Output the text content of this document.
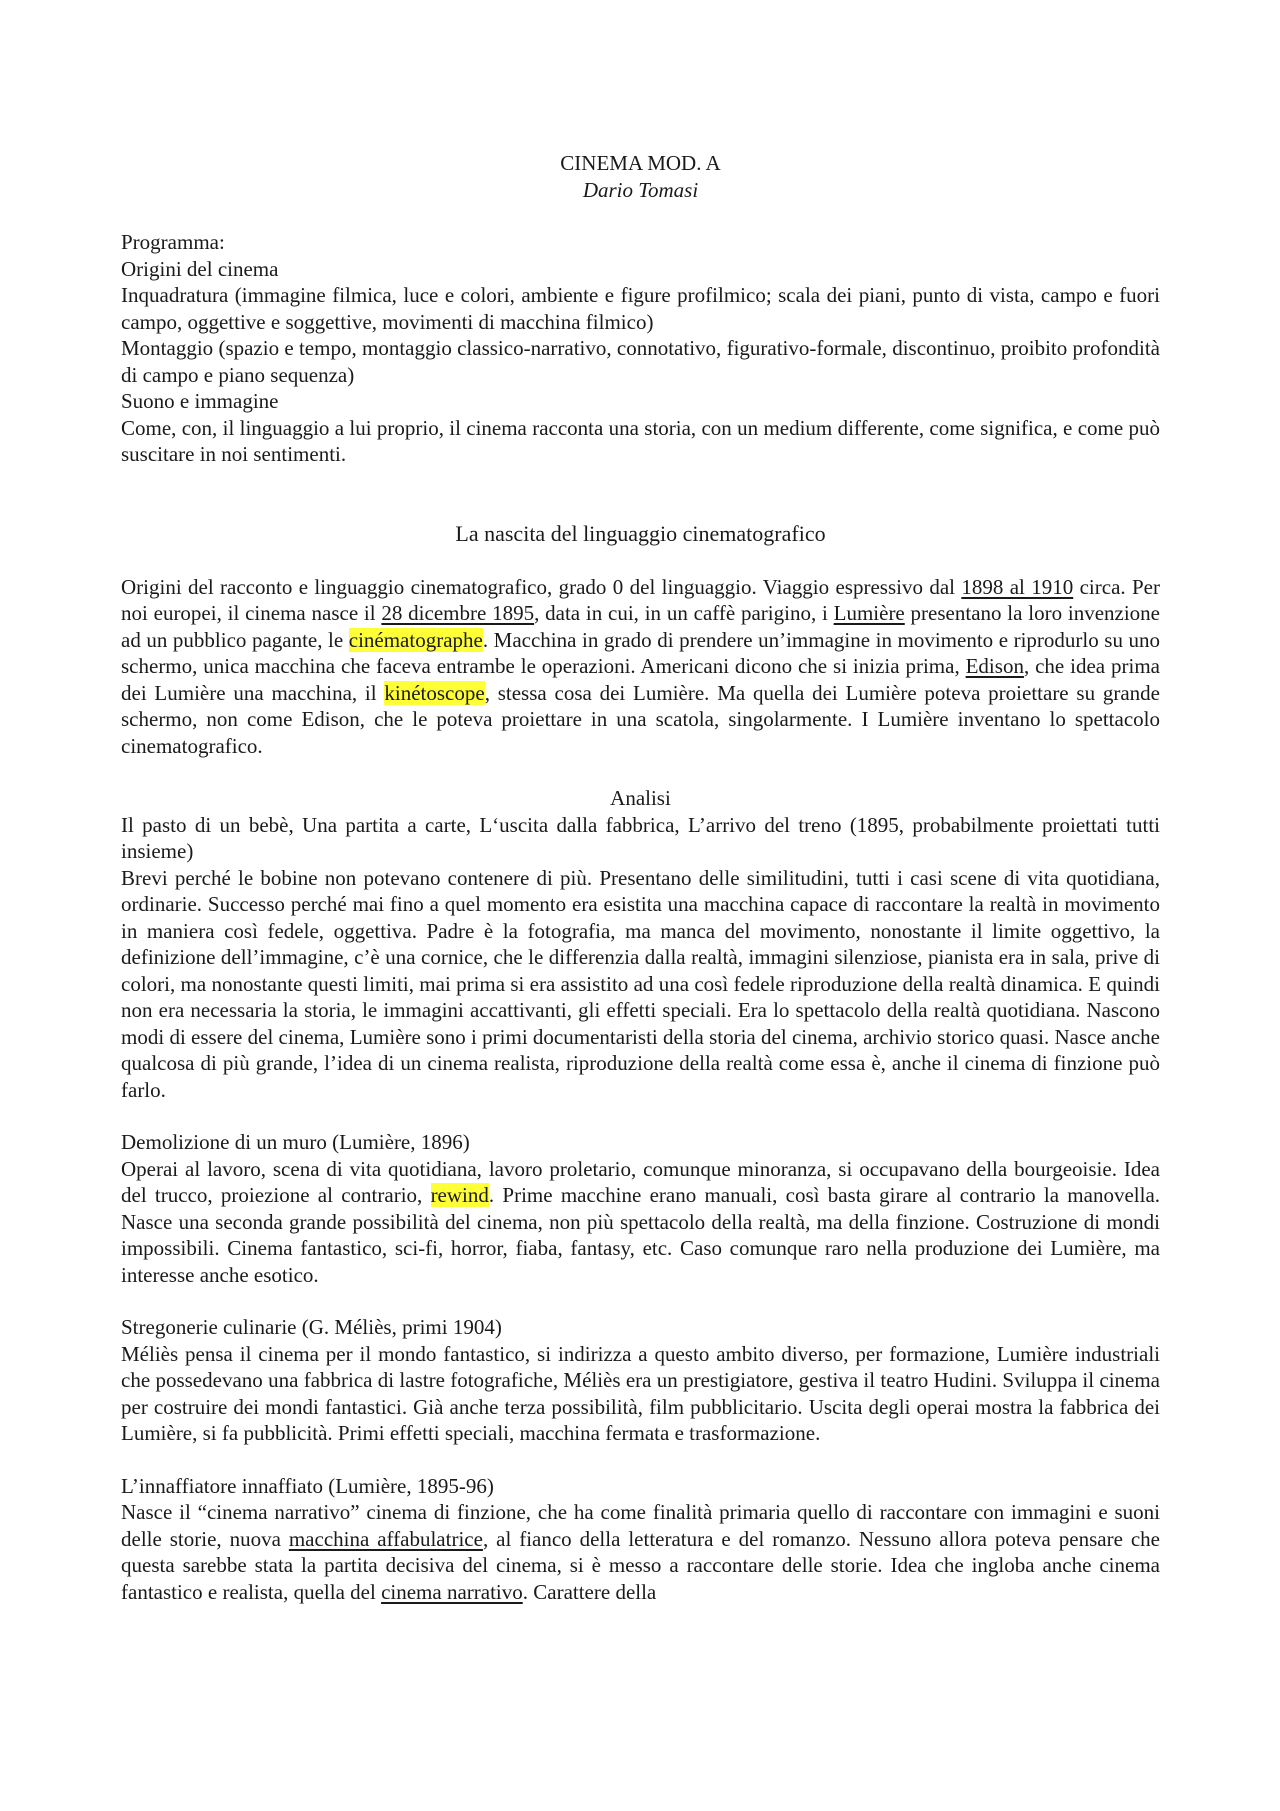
CINEMA MOD. A

Dario Tomasi

Programma:

Origini del cinema

Inquadratura (immagine filmica, luce e colori, ambiente e figure profilmico; scala dei piani, punto di vista, campo e fuori campo, oggettive e soggettive, movimenti di macchina filmico)

Montaggio (spazio e tempo, montaggio classico-narrativo, connotativo, figurativo-formale, discontinuo, proibito profondità di campo e piano sequenza)

Suono e immagine

Come, con, il linguaggio a lui proprio, il cinema racconta una storia, con un medium differente, come significa, e come può suscitare in noi sentimenti.

La nascita del linguaggio cinematografico

Origini del racconto e linguaggio cinematografico, grado 0 del linguaggio. Viaggio espressivo dal 1898 al 1910 circa. Per noi europei, il cinema nasce il 28 dicembre 1895, data in cui, in un caffè parigino, i Lumière presentano la loro invenzione ad un pubblico pagante, le cinématographe. Macchina in grado di prendere un’immagine in movimento e riprodurlo su uno schermo, unica macchina che faceva entrambe le operazioni. Americani dicono che si inizia prima, Edison, che idea prima dei Lumière una macchina, il kinétoscope, stessa cosa dei Lumière. Ma quella dei Lumière poteva proiettare su grande schermo, non come Edison, che le poteva proiettare in una scatola, singolarmente. I Lumière inventano lo spettacolo cinematografico.

Analisi

Il pasto di un bebè, Una partita a carte, L‘uscita dalla fabbrica, L’arrivo del treno (1895, probabilmente proiettati tutti insieme)

Brevi perché le bobine non potevano contenere di più. Presentano delle similitudini, tutti i casi scene di vita quotidiana, ordinarie. Successo perché mai fino a quel momento era esistita una macchina capace di raccontare la realtà in movimento in maniera così fedele, oggettiva. Padre è la fotografia, ma manca del movimento, nonostante il limite oggettivo, la definizione dell’immagine, c’è una cornice, che le differenzia dalla realtà, immagini silenziose, pianista era in sala, prive di colori, ma nonostante questi limiti, mai prima si era assistito ad una così fedele riproduzione della realtà dinamica. E quindi non era necessaria la storia, le immagini accattivanti, gli effetti speciali. Era lo spettacolo della realtà quotidiana. Nascono modi di essere del cinema, Lumière sono i primi documentaristi della storia del cinema, archivio storico quasi. Nasce anche qualcosa di più grande, l’idea di un cinema realista, riproduzione della realtà come essa è, anche il cinema di finzione può farlo.

Demolizione di un muro (Lumière, 1896)

Operai al lavoro, scena di vita quotidiana, lavoro proletario, comunque minoranza, si occupavano della bourgeoisie. Idea del trucco, proiezione al contrario, rewind. Prime macchine erano manuali, così basta girare al contrario la manovella. Nasce una seconda grande possibilità del cinema, non più spettacolo della realtà, ma della finzione. Costruzione di mondi impossibili. Cinema fantastico, sci-fi, horror, fiaba, fantasy, etc. Caso comunque raro nella produzione dei Lumière, ma interesse anche esotico.

Stregonerie culinarie (G. Méliès, primi 1904)

Méliès pensa il cinema per il mondo fantastico, si indirizza a questo ambito diverso, per formazione, Lumière industriali che possedevano una fabbrica di lastre fotografiche, Méliès era un prestigiatore, gestiva il teatro Hudini. Sviluppa il cinema per costruire dei mondi fantastici. Già anche terza possibilità, film pubblicitario. Uscita degli operai mostra la fabbrica dei Lumière, si fa pubblicità. Primi effetti speciali, macchina fermata e trasformazione.

L’innaffiatore innaffiato (Lumière, 1895-96)

Nasce il “cinema narrativo” cinema di finzione, che ha come finalità primaria quello di raccontare con immagini e suoni delle storie, nuova macchina affabulatrice, al fianco della letteratura e del romanzo. Nessuno allora poteva pensare che questa sarebbe stata la partita decisiva del cinema, si è messo a raccontare delle storie. Idea che ingloba anche cinema fantastico e realista, quella del cinema narrativo. Carattere della
